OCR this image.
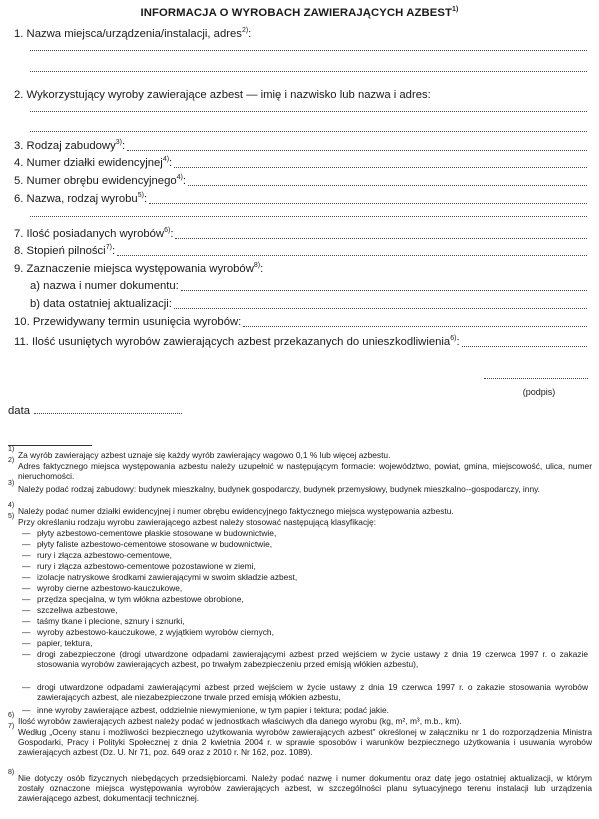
INFORMACJA O WYROBACH ZAWIERAJĄCYCH AZBEST$^{1)}$
1. Nazwa miejsca/urządzenia/instalacji, adres$^{2)}$:
2. Wykorzystujący wyroby zawierające azbest — imię i nazwisko lub nazwa i adres:
3. Rodzaj zabudowy$^{3)}$:
4. Numer działki ewidencyjnej$^{4)}$:
5. Numer obrębu ewidencyjnego$^{4)}$:
6. Nazwa, rodzaj wyrobu$^{5)}$:
7. Ilość posiadanych wyrobów$^{6)}$:
8. Stopień pilności$^{7)}$:
9. Zaznaczenie miejsca występowania wyrobów$^{8)}$:
a) nazwa i numer dokumentu:
b) data ostatniej aktualizacji:
10. Przewidywany termin usunięcia wyrobów:
11. Ilość usuniętych wyrobów zawierających azbest przekazanych do unieszkodliwienia$^{6)}$:
(podpis)
data
1)
Za wyrób zawierający azbest uznaje się każdy wyrób zawierający wagowo 0,1 % lub więcej azbestu.
2)
Adres faktycznego miejsca występowania azbestu należy uzupełnić w następującym formacie: województwo, powiat, gmina, miejscowość, ulica, numer nieruchomości.
3)
Należy podać rodzaj zabudowy: budynek mieszkalny, budynek gospodarczy, budynek przemysłowy, budynek mieszkalno--gospodarczy, inny.
4)
Należy podać numer działki ewidencyjnej i numer obrębu ewidencyjnego faktycznego miejsca występowania azbestu.
5)
Przy określaniu rodzaju wyrobu zawierającego azbest należy stosować następującą klasyfikację:
— płyty azbestowo-cementowe płaskie stosowane w budownictwie,
— płyty faliste azbestowo-cementowe stosowane w budownictwie,
— rury i złącza azbestowo-cementowe,
— rury i złącza azbestowo-cementowe pozostawione w ziemi,
— izolacje natryskowe środkami zawierającymi w swoim składzie azbest,
— wyroby cierne azbestowo-kauczukowe,
— przędza specjalna, w tym włókna azbestowe obrobione,
— szczeliwa azbestowe,
— taśmy tkane i plecione, sznury i sznurki,
— wyroby azbestowo-kauczukowe, z wyjątkiem wyrobów ciernych,
— papier, tektura,
— drogi zabezpieczone (drogi utwardzone odpadami zawierającymi azbest przed wejściem w życie ustawy z dnia 19 czerwca 1997 r. o zakazie stosowania wyrobów zawierających azbest, po trwałym zabezpieczeniu przed emisją włókien azbestu),
— drogi utwardzone odpadami zawierającymi azbest przed wejściem w życie ustawy z dnia 19 czerwca 1997 r. o zakazie stosowania wyrobów zawierających azbest, ale niezabezpieczone trwale przed emisją włókien azbestu,
— inne wyroby zawierające azbest, oddzielnie niewymienione, w tym papier i tektura; podać jakie.
6)
Ilość wyrobów zawierających azbest należy podać w jednostkach właściwych dla danego wyrobu (kg, m², m³, m.b., km).
7)
Według „Oceny stanu i możliwości bezpiecznego użytkowania wyrobów zawierających azbest” określonej w załączniku nr 1 do rozporządzenia Ministra Gospodarki, Pracy i Polityki Społecznej z dnia 2 kwietnia 2004 r. w sprawie sposobów i warunków bezpiecznego użytkowania i usuwania wyrobów zawierających azbest (Dz. U. Nr 71, poz. 649 oraz z 2010 r. Nr 162, poz. 1089).
8)
Nie dotyczy osób fizycznych niebędących przedsiębiorcami. Należy podać nazwę i numer dokumentu oraz datę jego ostatniej aktualizacji, w którym zostały oznaczone miejsca występowania wyrobów zawierających azbest, w szczególności planu sytuacyjnego terenu instalacji lub urządzenia zawierającego azbest, dokumentacji technicznej.
